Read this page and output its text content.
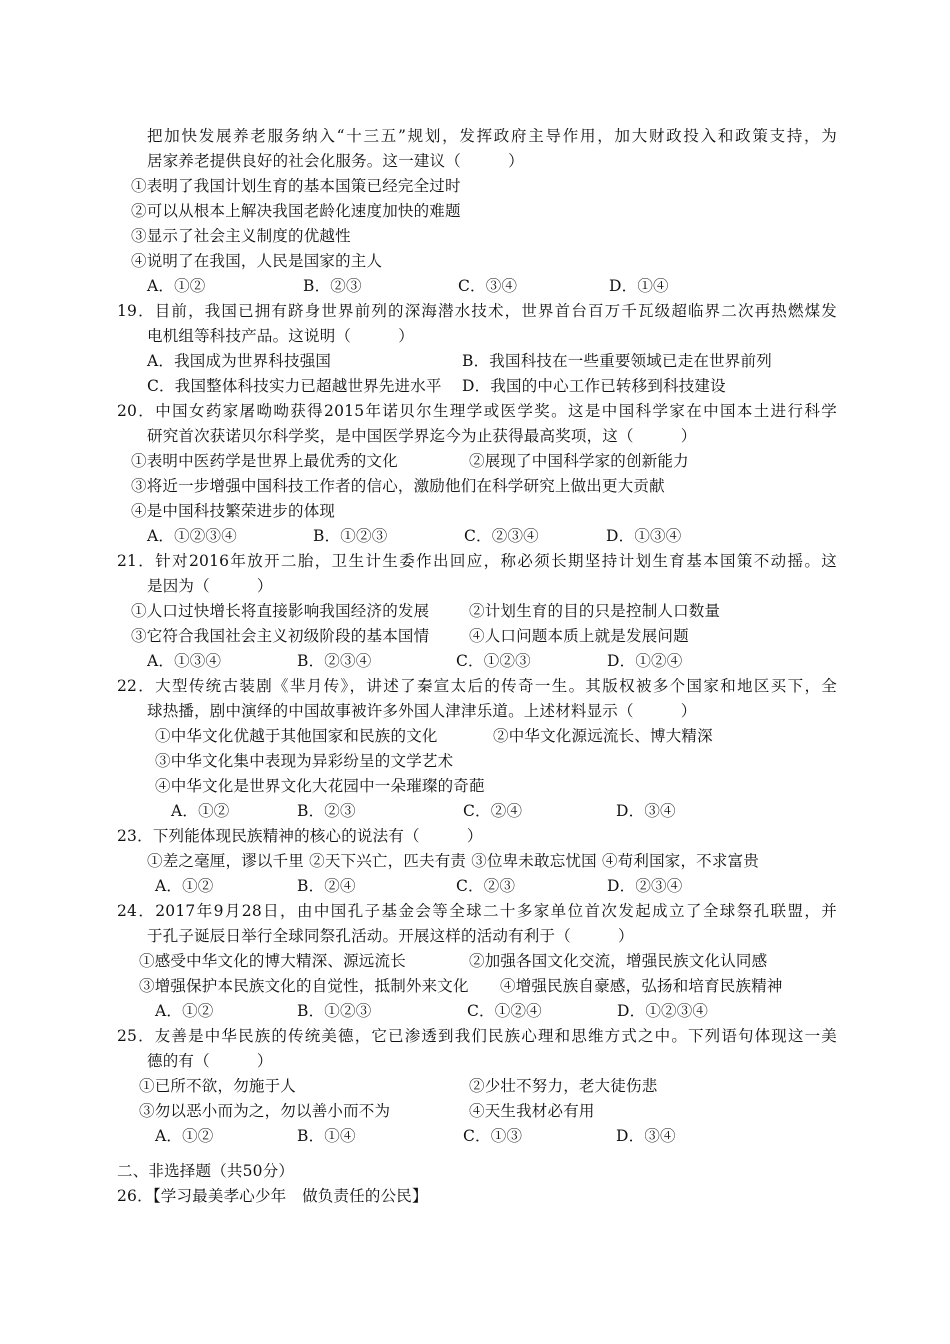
把加快发展养老服务纳入“十三五”规划，发挥政府主导作用，加大财政投入和政策支持，为
居家养老提供良好的社会化服务。这一建议（　　　）
①表明了我国计划生育的基本国策已经完全过时
②可以从根本上解决我国老龄化速度加快的难题
③显示了社会主义制度的优越性
④说明了在我国，人民是国家的主人
A．①②	B．②③	C．③④	D．①④
19．目前，我国已拥有跻身世界前列的深海潜水技术，世界首台百万千瓦级超临界二次再热燃煤发
电机组等科技产品。这说明（　　　）
A．我国成为世界科技强国	B．我国科技在一些重要领域已走在世界前列
C．我国整体科技实力已超越世界先进水平	D．我国的中心工作已转移到科技建设
20．中国女药家屠呦呦获得2015年诺贝尔生理学或医学奖。这是中国科学家在中国本土进行科学
研究首次获诺贝尔科学奖，是中国医学界迄今为止获得最高奖项，这（　　　）
①表明中医药学是世界上最优秀的文化	②展现了中国科学家的创新能力
③将近一步增强中国科技工作者的信心，激励他们在科学研究上做出更大贡献
④是中国科技繁荣进步的体现
A．①②③④	B．①②③	C．②③④	D．①③④
21．针对2016年放开二胎，卫生计生委作出回应，称必须长期坚持计划生育基本国策不动摇。这
是因为（　　　）
①人口过快增长将直接影响我国经济的发展	②计划生育的目的只是控制人口数量
③它符合我国社会主义初级阶段的基本国情	④人口问题本质上就是发展问题
A．①③④	B．②③④	C．①②③	D．①②④
22．大型传统古装剧《芈月传》，讲述了秦宣太后的传奇一生。其版权被多个国家和地区买下，全
球热播，剧中演绎的中国故事被许多外国人津津乐道。上述材料显示（　　　）
①中华文化优越于其他国家和民族的文化	②中华文化源远流长、博大精深
③中华文化集中表现为异彩纷呈的文学艺术
④中华文化是世界文化大花园中一朵璀璨的奇葩
A．①②	B．②③	C．②④	D．③④
23．下列能体现民族精神的核心的说法有（　　　）
①差之毫厘，谬以千里 ②天下兴亡，匹夫有责 ③位卑未敢忘忧国 ④苟利国家，不求富贵
A．①②	B．②④	C．②③	D．②③④
24．2017年9月28日，由中国孔子基金会等全球二十多家单位首次发起成立了全球祭孔联盟，并
于孔子诞辰日举行全球同祭孔活动。开展这样的活动有利于（　　　）
①感受中华文化的博大精深、源远流长	②加强各国文化交流，增强民族文化认同感
③增强保护本民族文化的自觉性，抵制外来文化	④增强民族自豪感，弘扬和培育民族精神
A．①②	B．①②③	C．①②④	D．①②③④
25．友善是中华民族的传统美德，它已渗透到我们民族心理和思维方式之中。下列语句体现这一美
德的有（　　　）
①已所不欲，勿施于人	②少壮不努力，老大徒伤悲
③勿以恶小而为之，勿以善小而不为	④天生我材必有用
A．①②	B．①④	C．①③	D．③④
二、非选择题（共50分）
26．【学习最美孝心少年　做负责任的公民】
